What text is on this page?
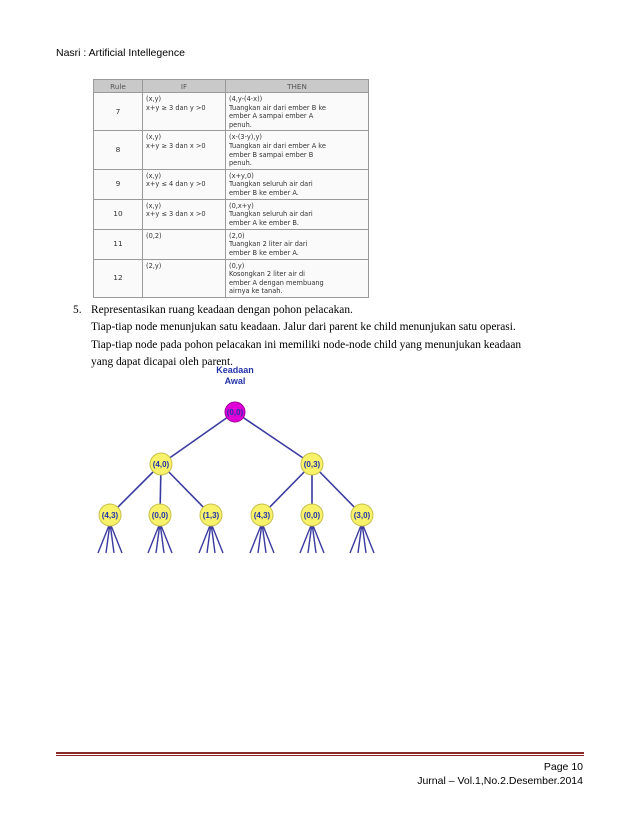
Nasri : Artificial Intellegence
Rule	IF	THEN
7	(x,y)
x+y ≥ 3 dan y >0	(4,y-(4-x))
Tuangkan air dari ember B ke
ember A sampai ember A
penuh.

8	(x,y)
x+y ≥ 3 dan x >0	(x-(3-y),y)
Tuangkan air dari ember A ke
ember B sampai ember B
penuh.

9	(x,y)
x+y ≤ 4 dan y >0	(x+y,0)
Tuangkan seluruh air dari
ember B ke ember A.

10	(x,y)
x+y ≤ 3 dan x >0	(0,x+y)
Tuangkan seluruh air dari
ember A ke ember B.

11	(0,2)	(2,0)
Tuangkan 2 liter air dari
ember B ke ember A.

12	(2,y)	(0,y)
Kosongkan 2 liter air di
ember A dengan membuang
airnya ke tanah.
5. Representasikan ruang keadaan dengan pohon pelacakan.
Tiap-tiap node menunjukan satu keadaan. Jalur dari parent ke child menunjukan satu operasi.
Tiap-tiap node pada pohon pelacakan ini memiliki node-node child yang menunjukan keadaan
yang dapat dicapai oleh parent.
Keadaan
Awal
(0,0)
(4,0)	(0,3)
(4,3)	(0,0)	(1,3)	(4,3)	(0,0)	(3,0)
Page 10
Jurnal – Vol.1,No.2.Desember.2014
